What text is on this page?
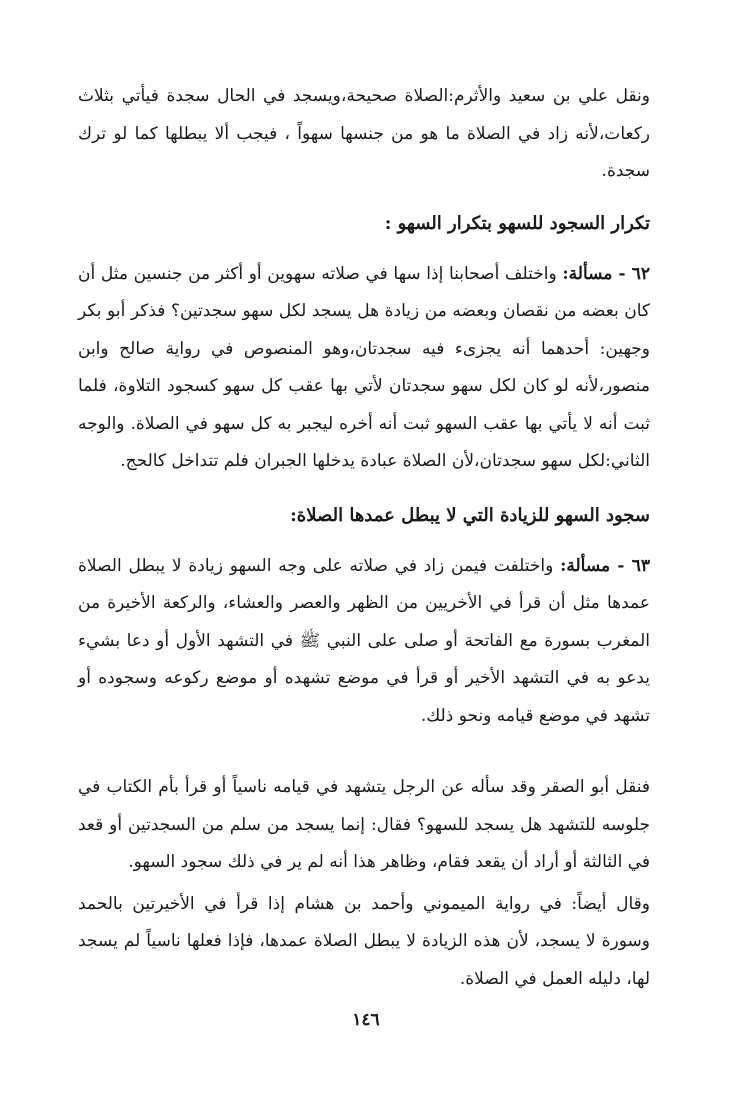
ونقل علي بن سعيد والأثرم:الصلاة صحيحة،ويسجد في الحال سجدة فيأتي بثلاث ركعات،لأنه زاد في الصلاة ما هو من جنسها سهواً ، فيجب ألا يبطلها كما لو ترك سجدة.

تكرار السجود للسهو بتكرار السهو :

٦٢ - مسألة: واختلف أصحابنا إذا سها في صلاته سهوين أو أكثر من جنسين مثل أن كان بعضه من نقصان وبعضه من زيادة هل يسجد لكل سهو سجدتين؟ فذكر أبو بكر وجهين: أحدهما أنه يجزىء فيه سجدتان،وهو المنصوص في رواية صالح وابن منصور،لأنه لو كان لكل سهو سجدتان لأتي بها عقب كل سهو كسجود التلاوة، فلما ثبت أنه لا يأتي بها عقب السهو ثبت أنه أخره ليجبر به كل سهو في الصلاة. والوجه الثاني:لكل سهو سجدتان،لأن الصلاة عبادة يدخلها الجبران فلم تتداخل كالحج.

سجود السهو للزيادة التي لا يبطل عمدها الصلاة:

٦٣ - مسألة: واختلفت فيمن زاد في صلاته على وجه السهو زيادة لا يبطل الصلاة عمدها مثل أن قرأ في الأخريين من الظهر والعصر والعشاء، والركعة الأخيرة من المغرب بسورة مع الفاتحة أو صلى على النبي ﷺ في التشهد الأول أو دعا بشيء يدعو به في التشهد الأخير أو قرأ في موضع تشهده أو موضع ركوعه وسجوده أو تشهد في موضع قيامه ونحو ذلك.

فنقل أبو الصقر وقد سأله عن الرجل يتشهد في قيامه ناسياً أو قرأ بأم الكتاب في جلوسه للتشهد هل يسجد للسهو؟ فقال: إنما يسجد من سلم من السجدتين أو قعد في الثالثة أو أراد أن يقعد فقام، وظاهر هذا أنه لم ير في ذلك سجود السهو.

وقال أيضاً: في رواية الميموني وأحمد بن هشام إذا قرأ في الأخيرتين بالحمد وسورة لا يسجد، لأن هذه الزيادة لا يبطل الصلاة عمدها، فإذا فعلها ناسياً لم يسجد لها، دليله العمل في الصلاة.

١٤٦
